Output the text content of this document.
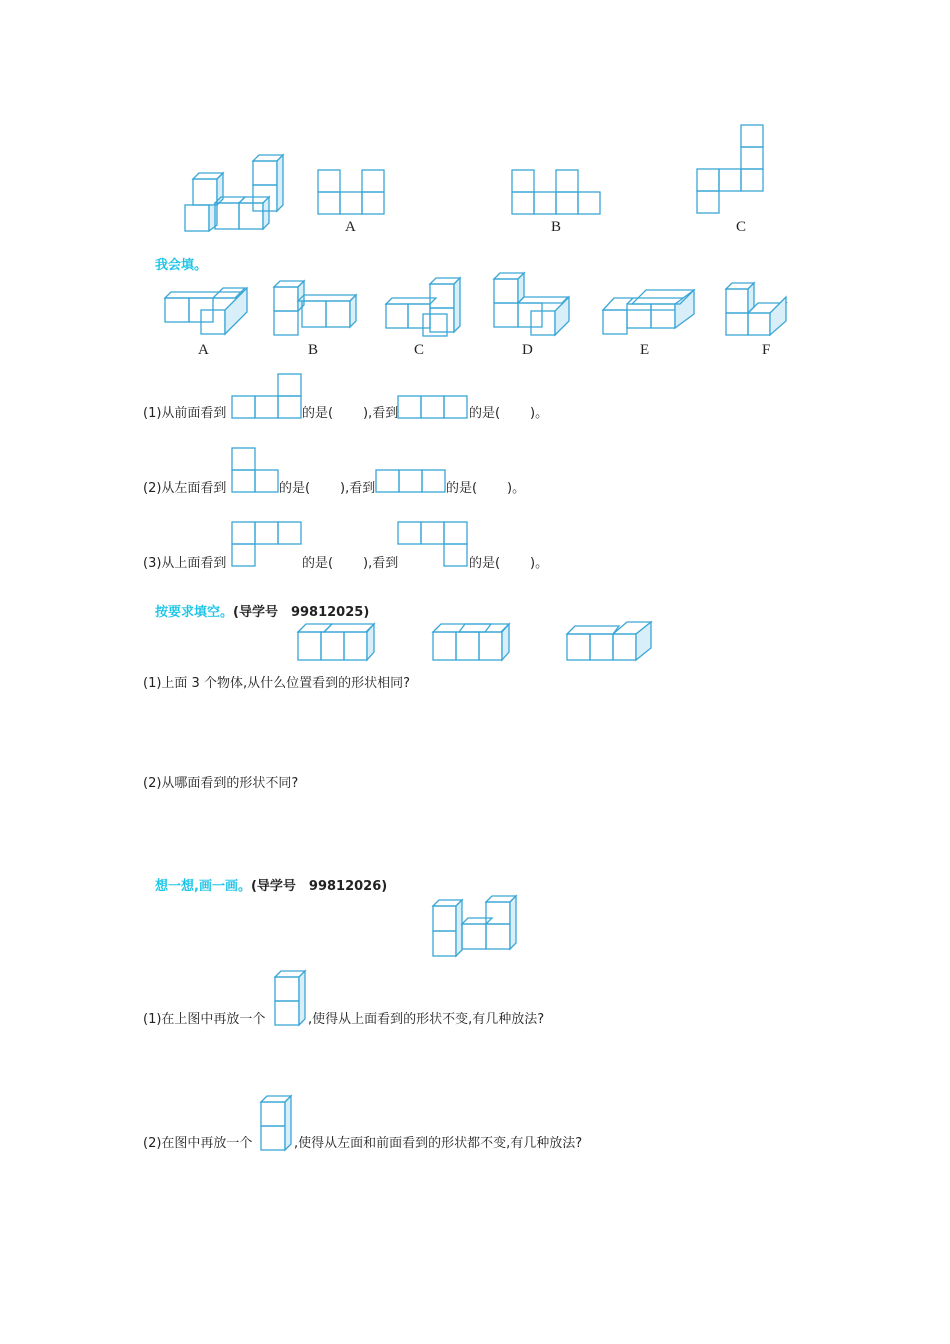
A	B	C
我会填。
A	B	C	D	E	F
(1)从前面看到	的是( ),看到	的是( )。
(2)从左面看到	的是( ),看到	的是( )。
(3)从上面看到	的是( ),看到	的是( )。
按要求填空。(导学号　99812025)
(1)上面 3 个物体,从什么位置看到的形状相同?
(2)从哪面看到的形状不同?
想一想,画一画。(导学号　99812026)
(1)在上图中再放一个	,使得从上面看到的形状不变,有几种放法?
(2)在图中再放一个	,使得从左面和前面看到的形状都不变,有几种放法?
